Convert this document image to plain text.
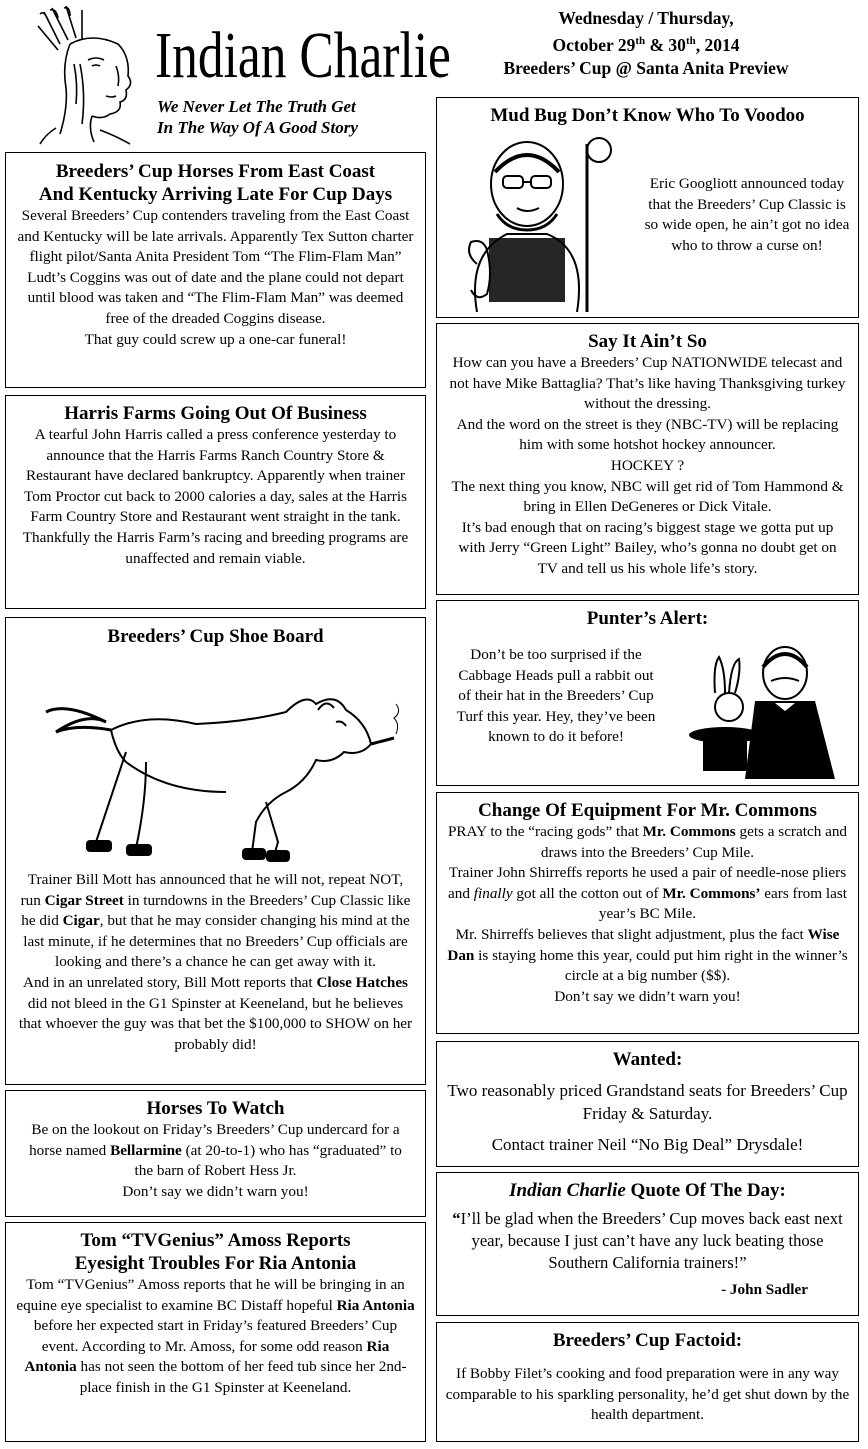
Indian Charlie
We Never Let The Truth Get
In The Way Of A Good Story
Wednesday / Thursday,
October 29th & 30th, 2014
Breeders’ Cup @ Santa Anita Preview
Breeders’ Cup Horses From East Coast
And Kentucky Arriving Late For Cup Days

Several Breeders’ Cup contenders traveling from the East Coast and Kentucky will be late arrivals. Apparently Tex Sutton charter flight pilot/Santa Anita President Tom “The Flim-Flam Man” Ludt’s Coggins was out of date and the plane could not depart until blood was taken and “The Flim-Flam Man” was deemed free of the dreaded Coggins disease.

That guy could screw up a one-car funeral!

Harris Farms Going Out Of Business

A tearful John Harris called a press conference yesterday to announce that the Harris Farms Ranch Country Store & Restaurant have declared bankruptcy. Apparently when trainer Tom Proctor cut back to 2000 calories a day, sales at the Harris Farm Country Store and Restaurant went straight in the tank.

Thankfully the Harris Farm’s racing and breeding programs are unaffected and remain viable.

Breeders’ Cup Shoe Board

Trainer Bill Mott has announced that he will not, repeat NOT, run Cigar Street in turndowns in the Breeders’ Cup Classic like he did Cigar, but that he may consider changing his mind at the last minute, if he determines that no Breeders’ Cup officials are looking and there’s a chance he can get away with it.

And in an unrelated story, Bill Mott reports that Close Hatches did not bleed in the G1 Spinster at Keeneland, but he believes that whoever the guy was that bet the $100,000 to SHOW on her probably did!

Horses To Watch

Be on the lookout on Friday’s Breeders’ Cup undercard for a horse named Bellarmine (at 20-to-1) who has “graduated” to the barn of Robert Hess Jr.

Don’t say we didn’t warn you!

Tom “TVGenius” Amoss Reports
Eyesight Troubles For Ria Antonia

Tom “TVGenius” Amoss reports that he will be bringing in an equine eye specialist to examine BC Distaff hopeful Ria Antonia before her expected start in Friday’s featured Breeders’ Cup event. According to Mr. Amoss, for some odd reason Ria Antonia has not seen the bottom of her feed tub since her 2nd-place finish in the G1 Spinster at Keeneland.

Mud Bug Don’t Know Who To Voodoo

Eric Googliott announced today that the Breeders’ Cup Classic is so wide open, he ain’t got no idea who to throw a curse on!

Say It Ain’t So

How can you have a Breeders’ Cup NATIONWIDE telecast and not have Mike Battaglia? That’s like having Thanksgiving turkey without the dressing.

And the word on the street is they (NBC-TV) will be replacing him with some hotshot hockey announcer.

HOCKEY ?

The next thing you know, NBC will get rid of Tom Hammond & bring in Ellen DeGeneres or Dick Vitale.

It’s bad enough that on racing’s biggest stage we gotta put up with Jerry “Green Light” Bailey, who’s gonna no doubt get on TV and tell us his whole life’s story.

Punter’s Alert:

Don’t be too surprised if the Cabbage Heads pull a rabbit out of their hat in the Breeders’ Cup Turf this year. Hey, they’ve been known to do it before!

Change Of Equipment For Mr. Commons

PRAY to the “racing gods” that Mr. Commons gets a scratch and draws into the Breeders’ Cup Mile.

Trainer John Shirreffs reports he used a pair of needle-nose pliers and finally got all the cotton out of Mr. Commons’ ears from last year’s BC Mile.

Mr. Shirreffs believes that slight adjustment, plus the fact Wise Dan is staying home this year, could put him right in the winner’s circle at a big number ($$).

Don’t say we didn’t warn you!

Wanted:

Two reasonably priced Grandstand seats for Breeders’ Cup Friday & Saturday.

Contact trainer Neil “No Big Deal” Drysdale!

Indian Charlie Quote Of The Day:

“I’ll be glad when the Breeders’ Cup moves back east next year, because I just can’t have any luck beating those Southern California trainers!”

- John Sadler

Breeders’ Cup Factoid:

If Bobby Filet’s cooking and food preparation were in any way comparable to his sparkling personality, he’d get shut down by the health department.
